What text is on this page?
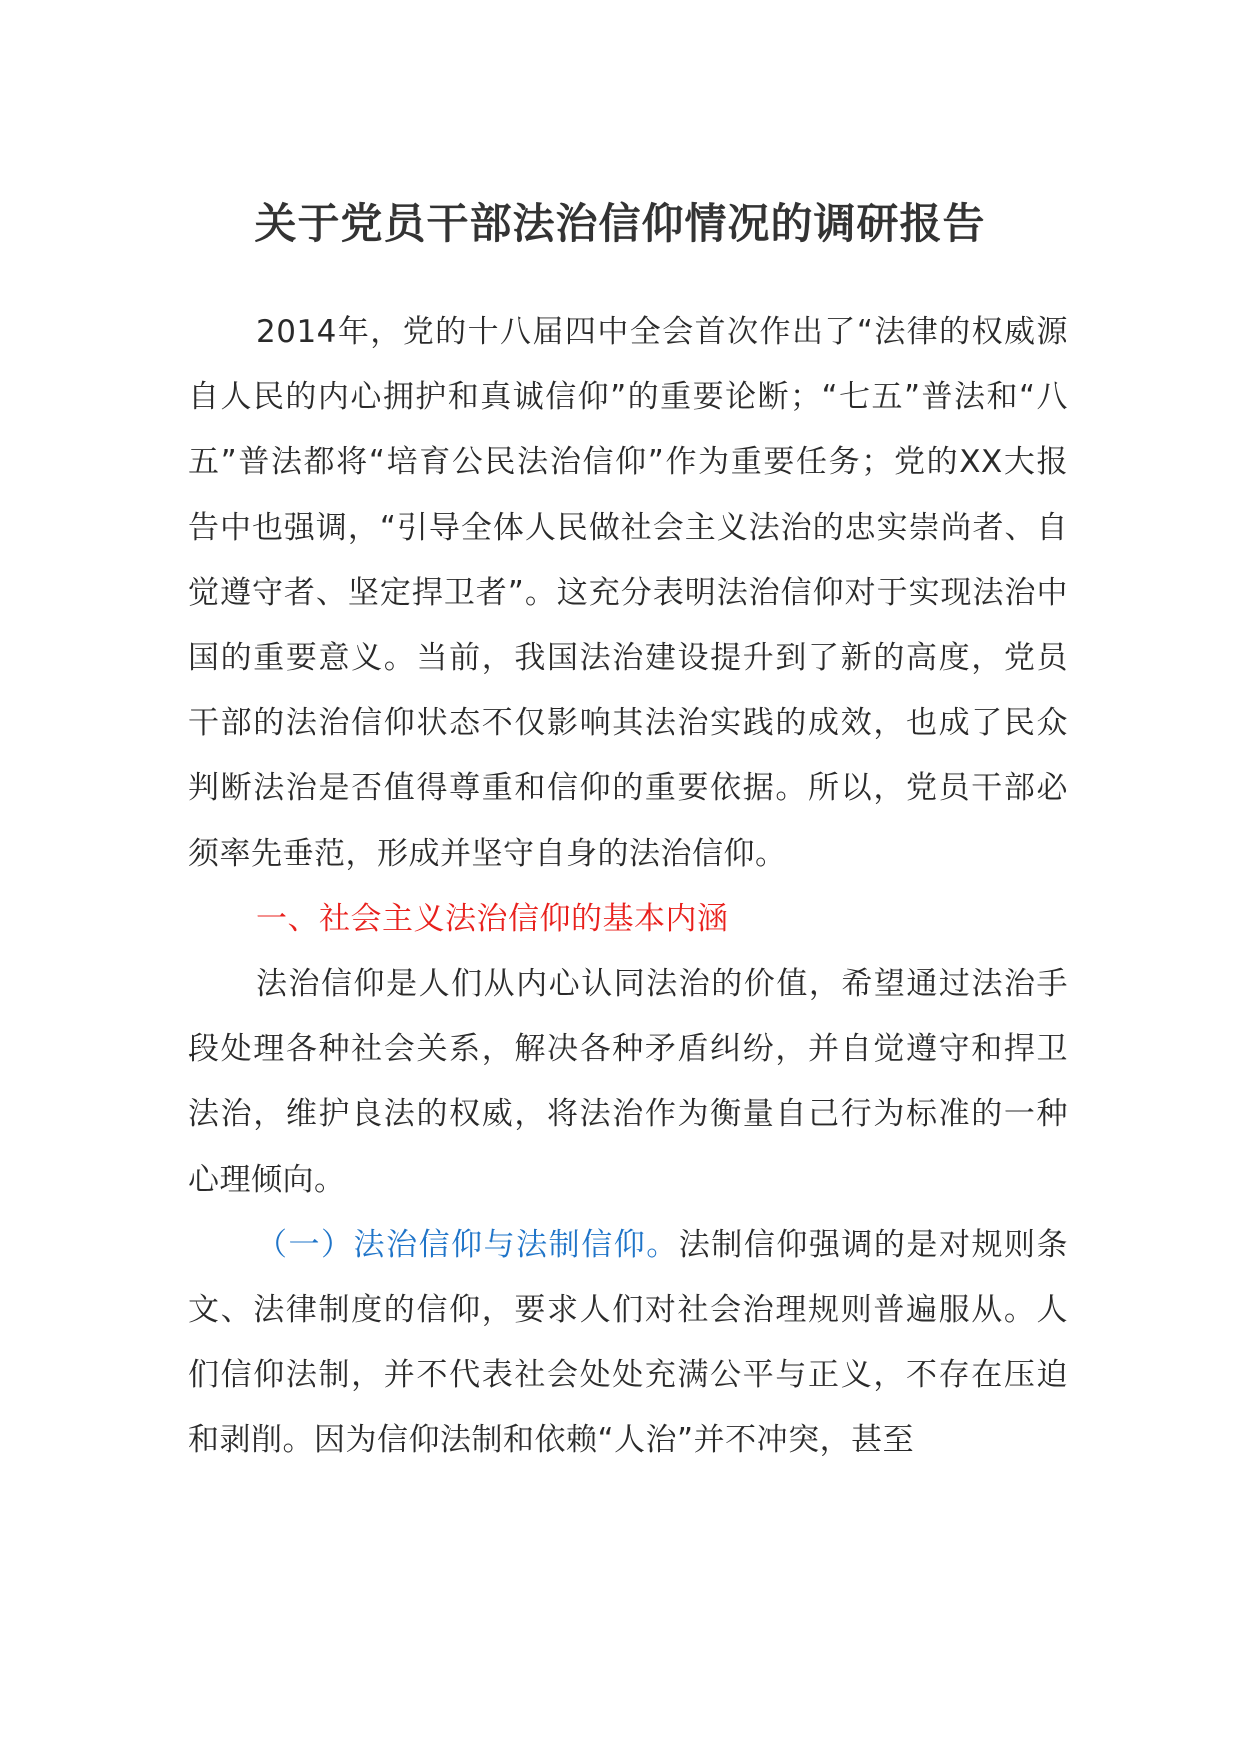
关于党员干部法治信仰情况的调研报告

2014年，党的十八届四中全会首次作出了“法律的权威源自人民的内心拥护和真诚信仰”的重要论断；“七五”普法和“八五”普法都将“培育公民法治信仰”作为重要任务；党的XX大报告中也强调，“引导全体人民做社会主义法治的忠实崇尚者、自觉遵守者、坚定捍卫者”。这充分表明法治信仰对于实现法治中国的重要意义。当前，我国法治建设提升到了新的高度，党员干部的法治信仰状态不仅影响其法治实践的成效，也成了民众判断法治是否值得尊重和信仰的重要依据。所以，党员干部必须率先垂范，形成并坚守自身的法治信仰。

一、社会主义法治信仰的基本内涵

法治信仰是人们从内心认同法治的价值，希望通过法治手段处理各种社会关系，解决各种矛盾纠纷，并自觉遵守和捍卫法治，维护良法的权威，将法治作为衡量自己行为标准的一种心理倾向。

（一）法治信仰与法制信仰。法制信仰强调的是对规则条文、法律制度的信仰，要求人们对社会治理规则普遍服从。人们信仰法制，并不代表社会处处充满公平与正义，不存在压迫和剥削。因为信仰法制和依赖“人治”并不冲突，甚至
